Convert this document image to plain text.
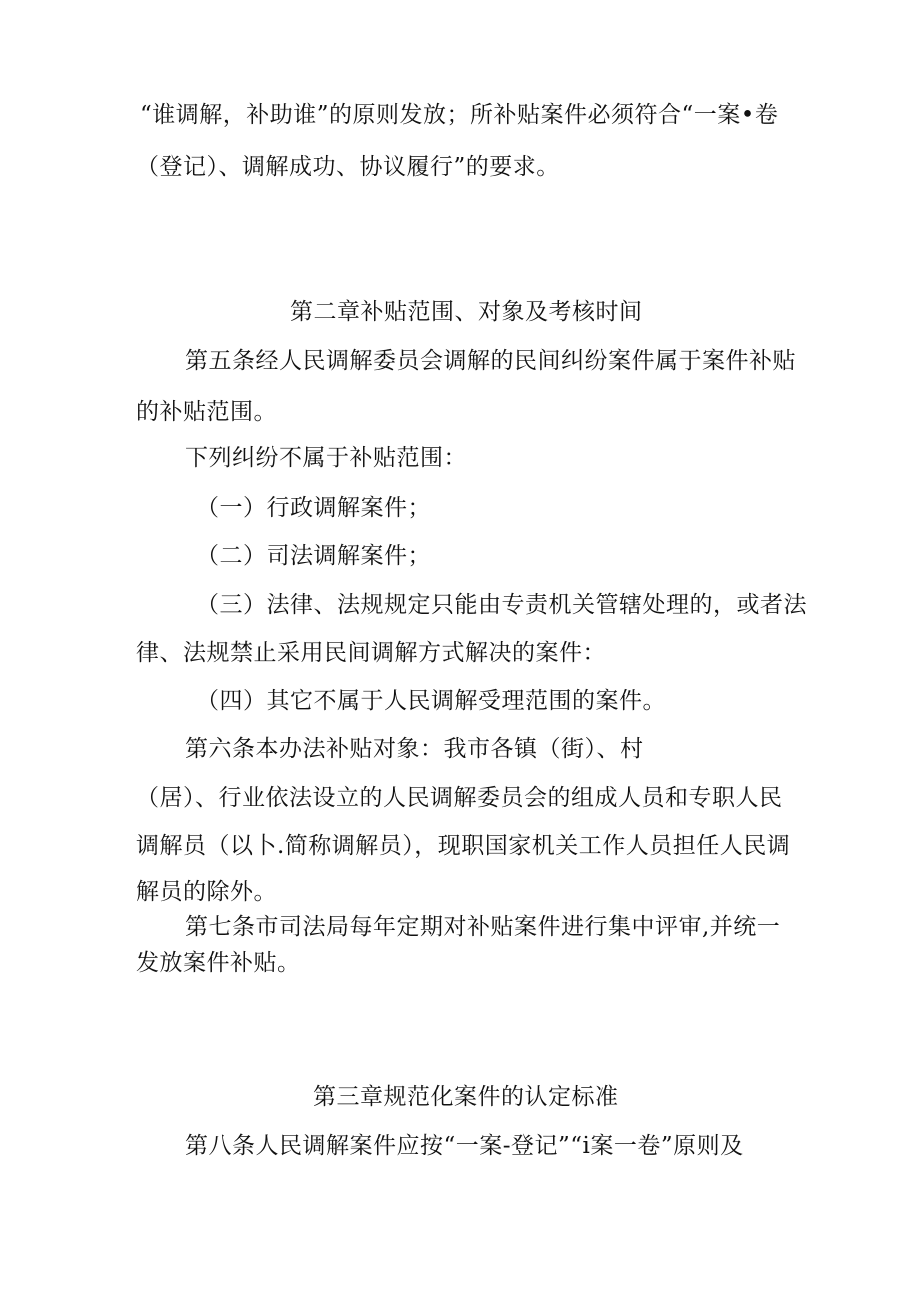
“谁调解，补助谁”的原则发放；所补贴案件必须符合“一案•卷
（登记）、调解成功、协议履行”的要求。
第二章补贴范围、对象及考核时间
第五条经人民调解委员会调解的民间纠纷案件属于案件补贴
的补贴范围。
下列纠纷不属于补贴范围：
（一）行政调解案件；
（二）司法调解案件；
（三）法律、法规规定只能由专责机关管辖处理的，或者法
律、法规禁止采用民间调解方式解决的案件：
（四）其它不属于人民调解受理范围的案件。
第六条本办法补贴对象：我市各镇（街）、村
（居）、行业依法设立的人民调解委员会的组成人员和专职人民
调解员（以卜.简称调解员），现职国家机关工作人员担任人民调
解员的除外。
第七条市司法局每年定期对补贴案件进行集中评审,并统一
发放案件补贴。
第三章规范化案件的认定标准
第八条人民调解案件应按“一案-登记”“i案一卷”原则及
